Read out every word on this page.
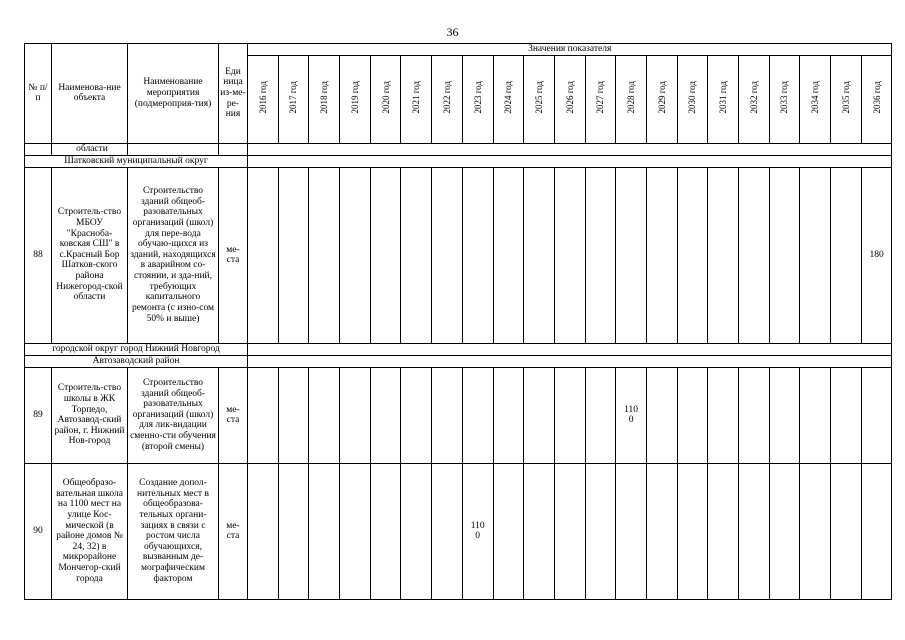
36
№ п/п	Наименова-ние объекта	Наименование мероприятия (подмероприя-тия)	Еди ница из-ме-ре-ния	Значения показателя																				
				2016 год	2017 год	2018 год	2019 год	2020 год	2021 год	2022 год	2023 год	2024 год	2025 год	2026 год	2027 год	2028 год	2029 год	2030 год	2031 год	2032 год	2033 год	2034 год	2035 год	2036 год
	области																							
Шатковский муниципальный округ																								
88	Строитель-ство МБОУ "Красноба-ковская СШ" в с.Красный Бор Шатков-ского района Нижегород-ской области	Строительство зданий общеоб-разовательных организаций (школ) для пере-вода обучаю-щихся из зданий, находящихся в аварийном со-стоянии, и зда-ний, требующих капитального ремонта (с изно-сом 50% и выше)	ме-ста																					180
городской округ город Нижний Новгород																								
Автозаводский район																								
89	Строитель-ство школы в ЖК Торпедо, Автозавод-ский район, г. Нижний Нов-город	Строительство зданий общеоб-разовательных организаций (школ) для лик-видации сменно-сти обучения (второй смены)	ме-ста													110
0								
90	Общеобразо-вательная школа на 1100 мест на улице Кос-мической (в районе домов № 24, 32) в микрорайоне Мончегор-ский города	Создание допол-нительных мест в общеобразова-тельных органи-зациях в связи с ростом числа обучающихся, вызванным де-мографическим фактором	ме-ста								110
0													
